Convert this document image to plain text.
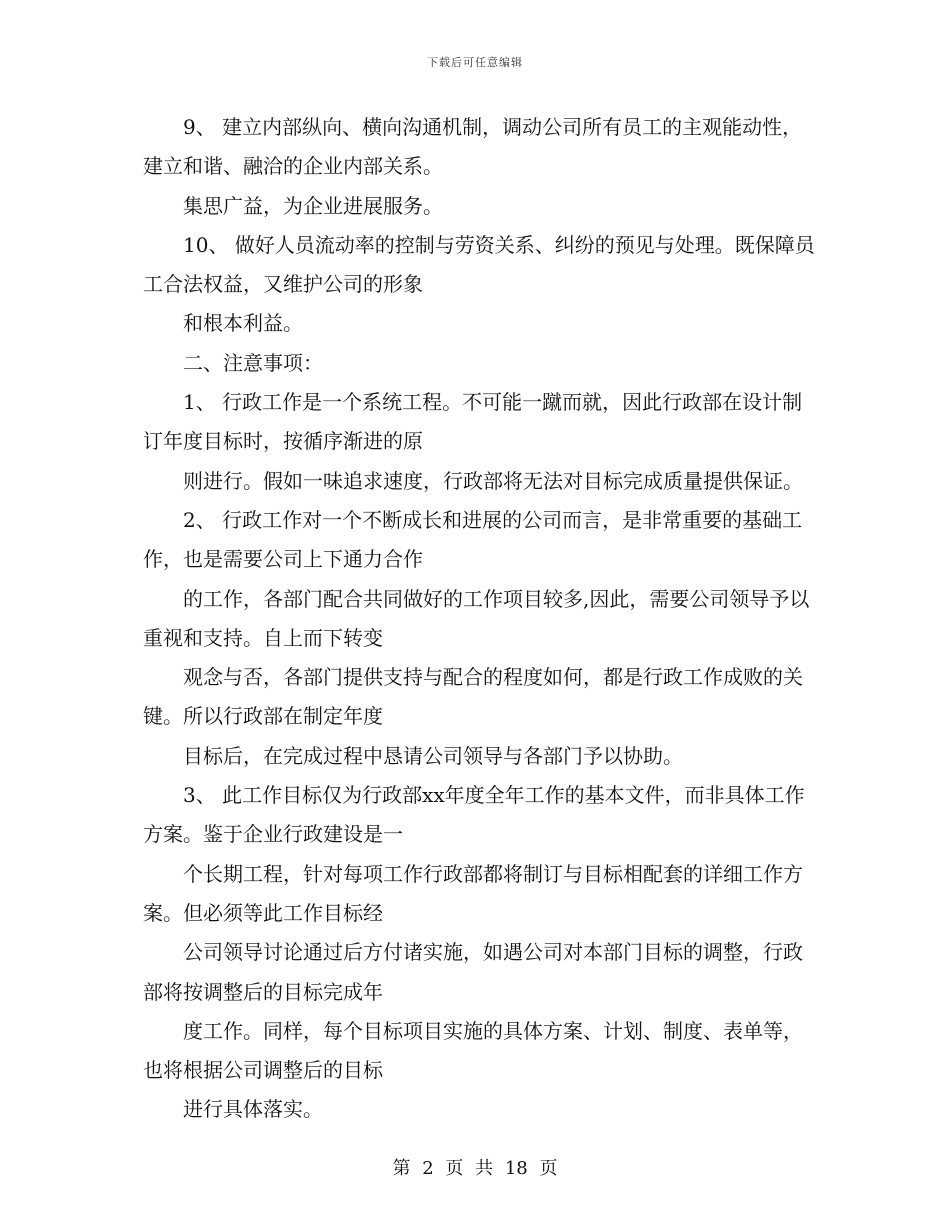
下载后可任意编辑

9、 建立内部纵向、横向沟通机制，调动公司所有员工的主观能动性，建立和谐、融洽的企业内部关系。

集思广益，为企业进展服务。

10、 做好人员流动率的控制与劳资关系、纠纷的预见与处理。既保障员工合法权益，又维护公司的形象

和根本利益。

二、注意事项：

1、 行政工作是一个系统工程。不可能一蹴而就，因此行政部在设计制订年度目标时，按循序渐进的原

则进行。假如一味追求速度，行政部将无法对目标完成质量提供保证。

2、 行政工作对一个不断成长和进展的公司而言，是非常重要的基础工作，也是需要公司上下通力合作

的工作，各部门配合共同做好的工作项目较多,因此，需要公司领导予以重视和支持。自上而下转变

观念与否，各部门提供支持与配合的程度如何，都是行政工作成败的关键。所以行政部在制定年度

目标后，在完成过程中恳请公司领导与各部门予以协助。

3、 此工作目标仅为行政部xx年度全年工作的基本文件，而非具体工作方案。鉴于企业行政建设是一

个长期工程，针对每项工作行政部都将制订与目标相配套的详细工作方案。但必须等此工作目标经

公司领导讨论通过后方付诸实施，如遇公司对本部门目标的调整，行政部将按调整后的目标完成年

度工作。同样，每个目标项目实施的具体方案、计划、制度、表单等，也将根据公司调整后的目标

进行具体落实。

第 2 页 共 18 页
